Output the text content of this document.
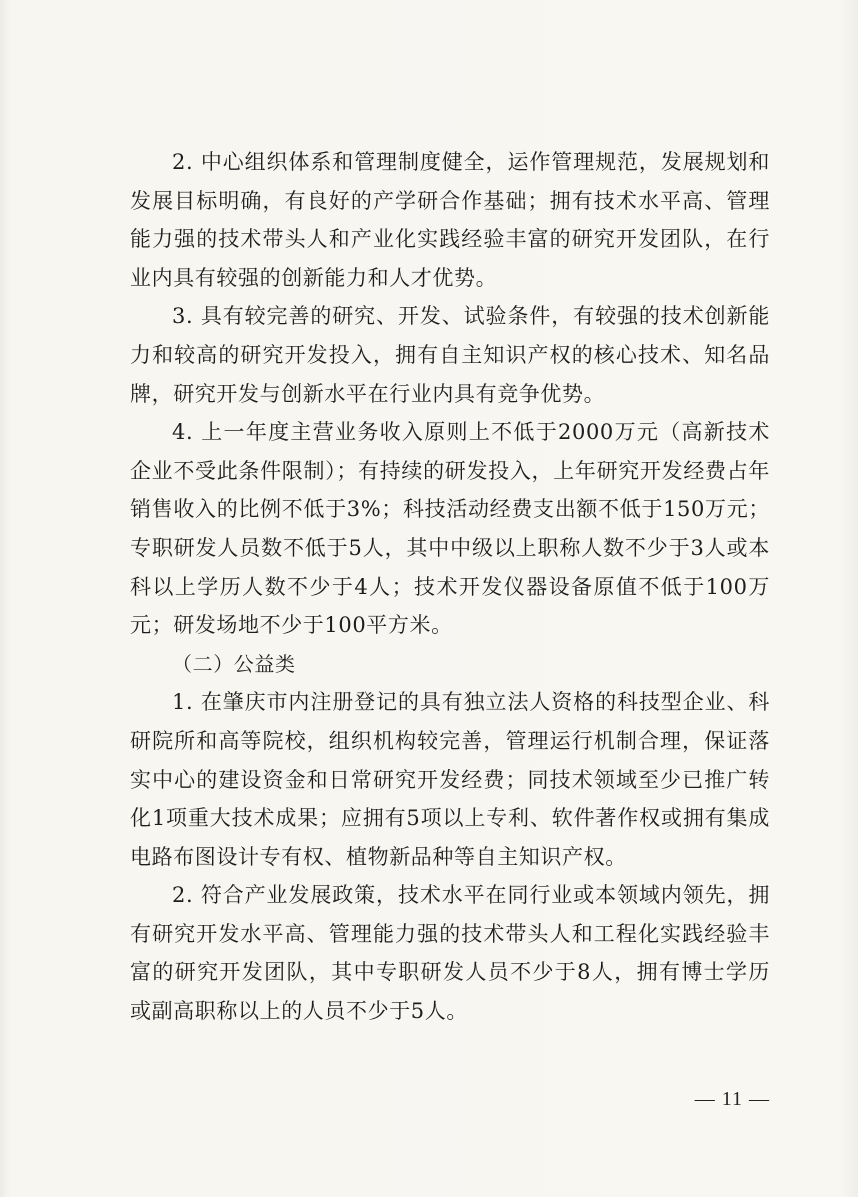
2. 中心组织体系和管理制度健全，运作管理规范，发展规划和发展目标明确，有良好的产学研合作基础；拥有技术水平高、管理能力强的技术带头人和产业化实践经验丰富的研究开发团队，在行业内具有较强的创新能力和人才优势。

3. 具有较完善的研究、开发、试验条件，有较强的技术创新能力和较高的研究开发投入，拥有自主知识产权的核心技术、知名品牌，研究开发与创新水平在行业内具有竞争优势。

4. 上一年度主营业务收入原则上不低于2000万元（高新技术企业不受此条件限制）；有持续的研发投入，上年研究开发经费占年销售收入的比例不低于3%；科技活动经费支出额不低于150万元；专职研发人员数不低于5人，其中中级以上职称人数不少于3人或本科以上学历人数不少于4人；技术开发仪器设备原值不低于100万元；研发场地不少于100平方米。

（二）公益类

1. 在肇庆市内注册登记的具有独立法人资格的科技型企业、科研院所和高等院校，组织机构较完善，管理运行机制合理，保证落实中心的建设资金和日常研究开发经费；同技术领域至少已推广转化1项重大技术成果；应拥有5项以上专利、软件著作权或拥有集成电路布图设计专有权、植物新品种等自主知识产权。

2. 符合产业发展政策，技术水平在同行业或本领域内领先，拥有研究开发水平高、管理能力强的技术带头人和工程化实践经验丰富的研究开发团队，其中专职研发人员不少于8人，拥有博士学历或副高职称以上的人员不少于5人。

— 11 —
